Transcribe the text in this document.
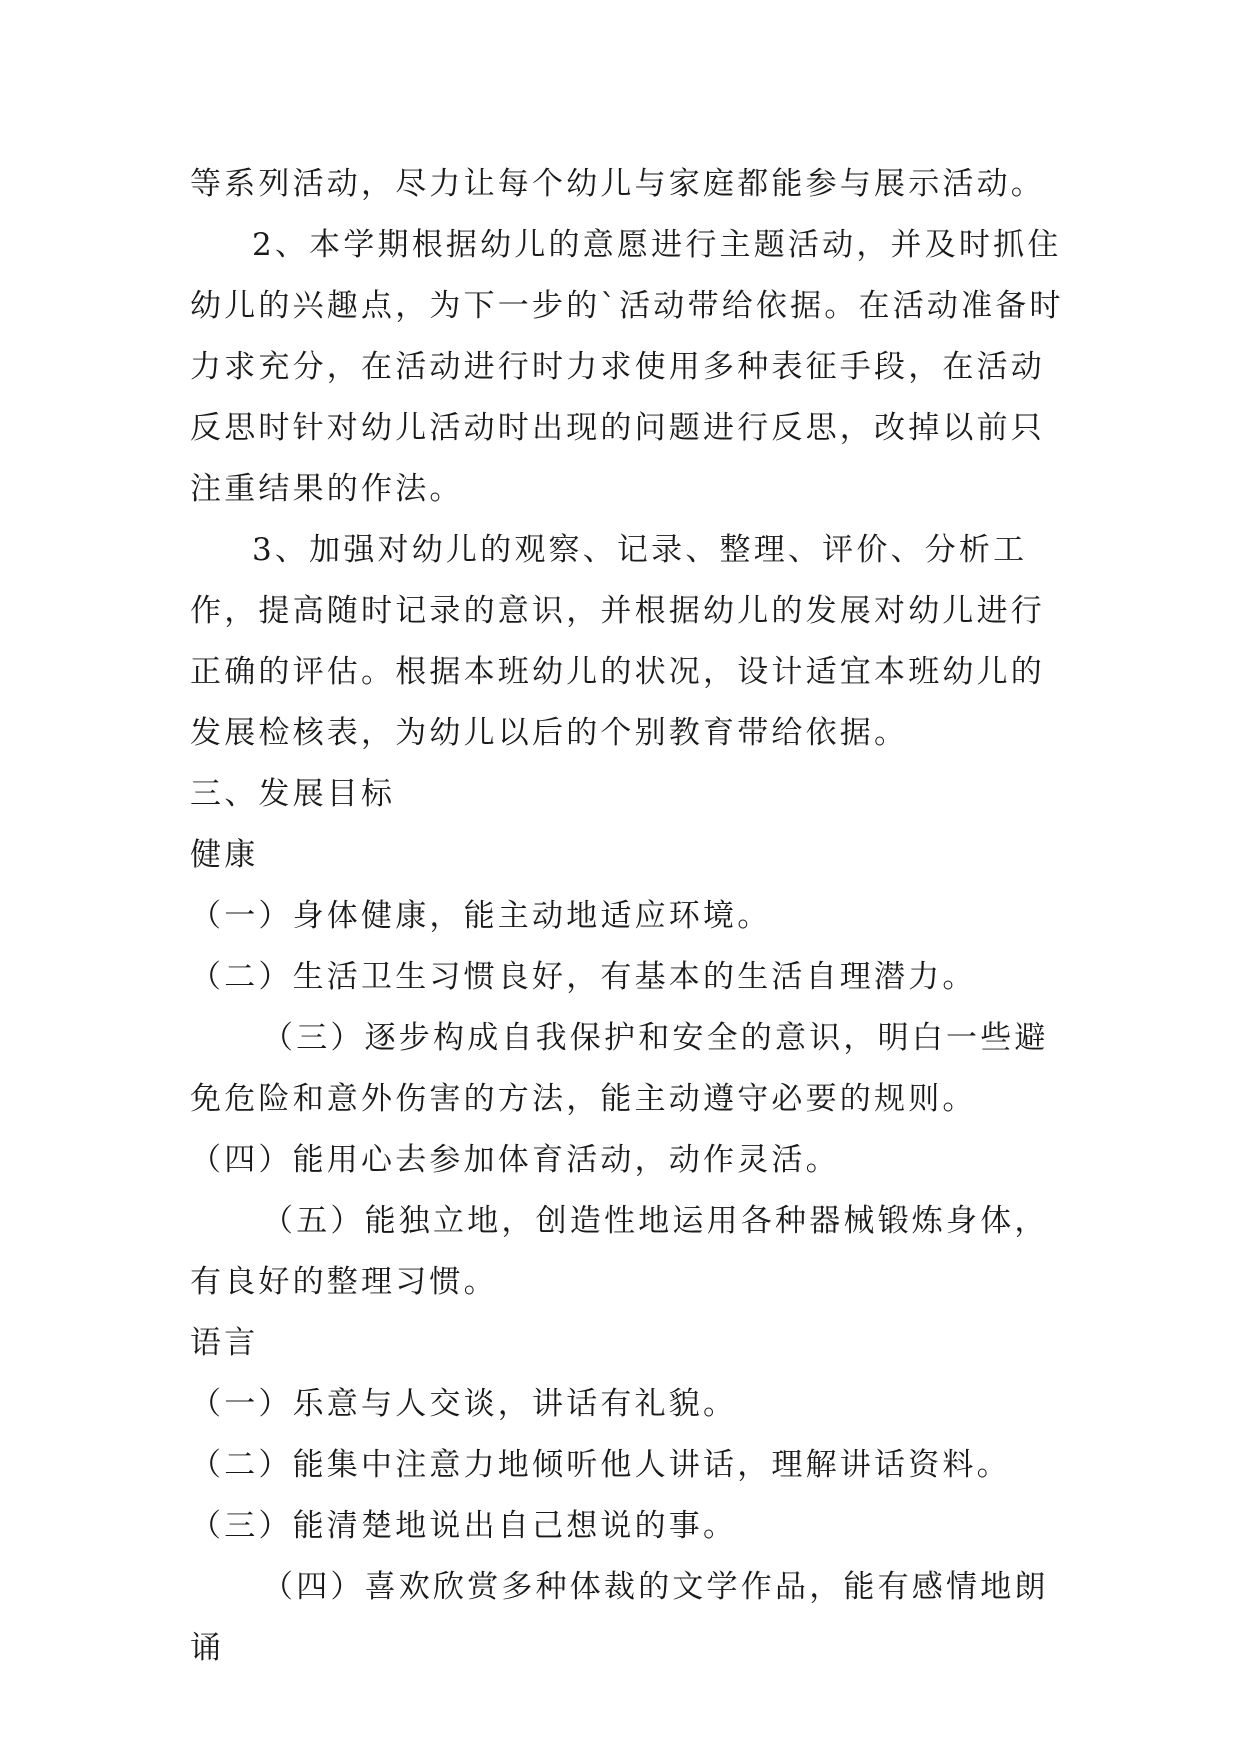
等系列活动，尽力让每个幼儿与家庭都能参与展示活动。

2、本学期根据幼儿的意愿进行主题活动，并及时抓住幼儿的兴趣点，为下一步的`活动带给依据。在活动准备时力求充分，在活动进行时力求使用多种表征手段，在活动反思时针对幼儿活动时出现的问题进行反思，改掉以前只注重结果的作法。

3、加强对幼儿的观察、记录、整理、评价、分析工作，提高随时记录的意识，并根据幼儿的发展对幼儿进行正确的评估。根据本班幼儿的状况，设计适宜本班幼儿的发展检核表，为幼儿以后的个别教育带给依据。

三、发展目标

健康

（一）身体健康，能主动地适应环境。

（二）生活卫生习惯良好，有基本的生活自理潜力。

（三）逐步构成自我保护和安全的意识，明白一些避免危险和意外伤害的方法，能主动遵守必要的规则。

（四）能用心去参加体育活动，动作灵活。

（五）能独立地，创造性地运用各种器械锻炼身体，有良好的整理习惯。

语言

（一）乐意与人交谈，讲话有礼貌。

（二）能集中注意力地倾听他人讲话，理解讲话资料。

（三）能清楚地说出自己想说的事。

（四）喜欢欣赏多种体裁的文学作品，能有感情地朗诵
